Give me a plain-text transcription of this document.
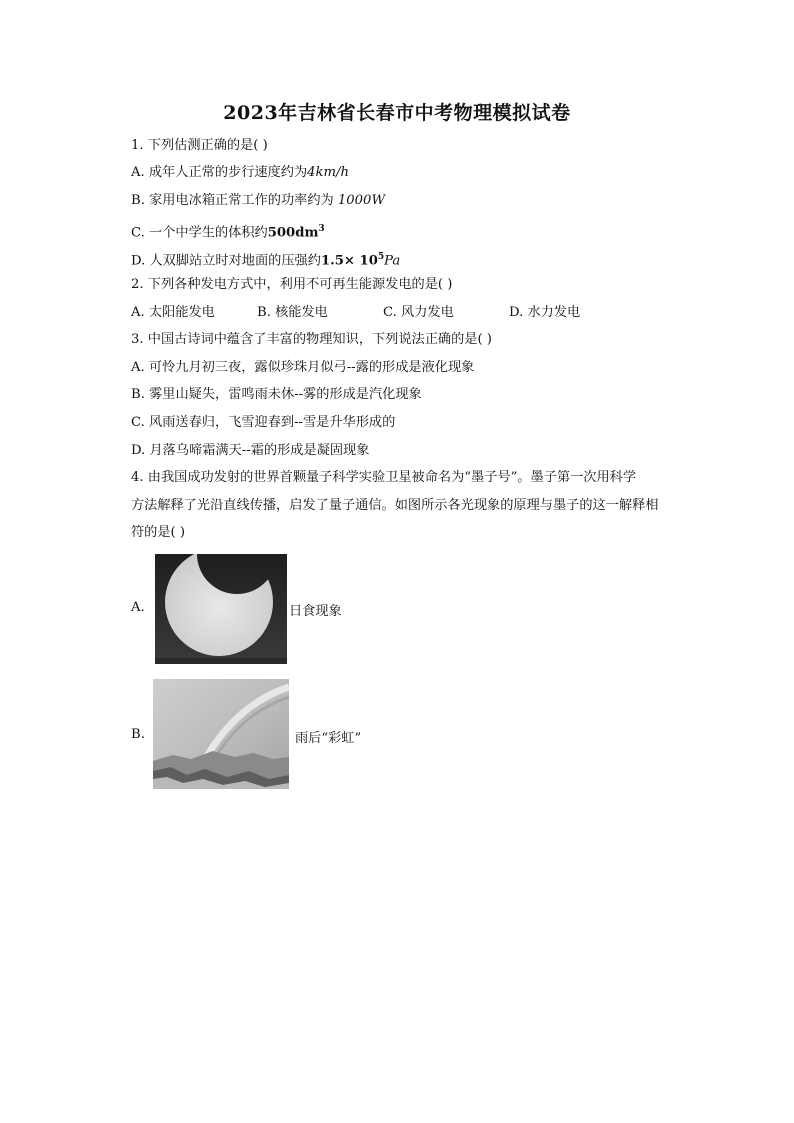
2023年吉林省长春市中考物理模拟试卷
1. 下列估测正确的是( )
A. 成年人正常的步行速度约为4km/h
B. 家用电冰箱正常工作的功率约为 1000W
C. 一个中学生的体积约$500dm^3$
D. 人双脚站立时对地面的压强约$1.5\times 10^5Pa$
2. 下列各种发电方式中，利用不可再生能源发电的是( )
A. 太阳能发电	B. 核能发电	C. 风力发电	D. 水力发电
3. 中国古诗词中蕴含了丰富的物理知识，下列说法正确的是( )
A. 可怜九月初三夜，露似珍珠月似弓--露的形成是液化现象
B. 雾里山疑失，雷鸣雨未休--雾的形成是汽化现象
C. 风雨送春归，飞雪迎春到--雪是升华形成的
D. 月落乌啼霜满天--霜的形成是凝固现象
4. 由我国成功发射的世界首颗量子科学实验卫星被命名为“墨子号”。墨子第一次用科学
方法解释了光沿直线传播，启发了量子通信。如图所示各光现象的原理与墨子的这一解释相
符的是( )
A.	日食现象
B.	雨后“彩虹”
